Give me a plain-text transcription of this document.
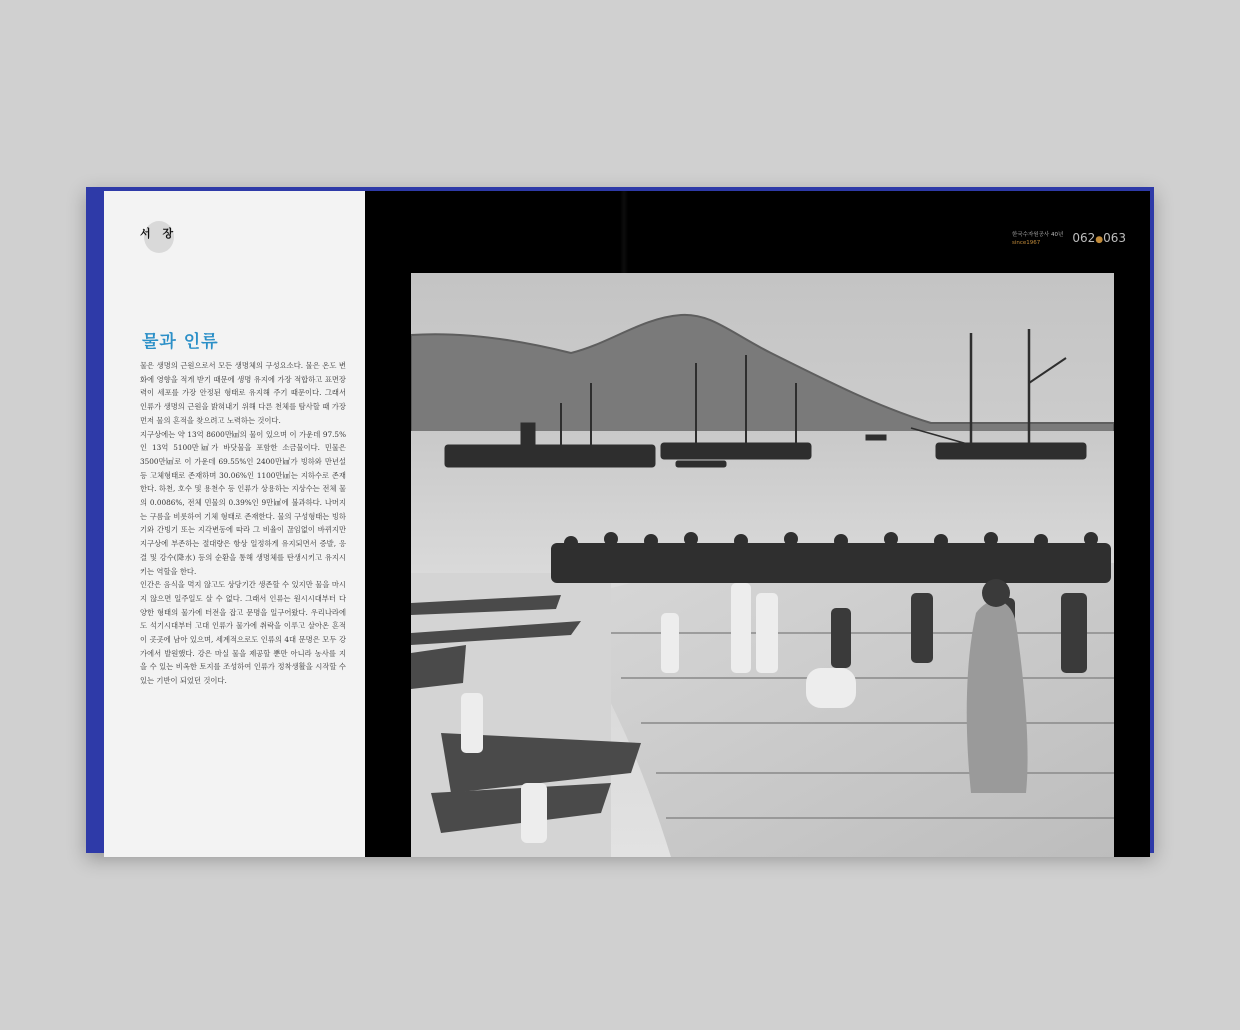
서 장
물과 인류

물은 생명의 근원으로서 모든 생명체의 구성요소다. 물은 온도 변화에 영향을 적게 받기 때문에 생명 유지에 가장 적합하고 표면장력이 세포를 가장 안정된 형태로 유지해 주기 때문이다. 그래서 인류가 생명의 근원을 밝혀내기 위해 다른 천체를 탐사할 때 가장 먼저 물의 흔적을 찾으려고 노력하는 것이다.

지구상에는 약 13억 8600만㎦의 물이 있으며 이 가운데 97.5%인 13억 5100만㎦가 바닷물을 포함한 소금물이다. 민물은 3500만㎦로 이 가운데 69.55%인 2400만㎦가 빙하와 만년설 등 고체형태로 존재하며 30.06%인 1100만㎦는 지하수로 존재한다. 하천, 호수 및 용천수 등 인류가 상용하는 지상수는 전체 물의 0.0086%, 전체 민물의 0.39%인 9만㎦에 불과하다. 나머지는 구름을 비롯하여 기체 형태로 존재한다. 물의 구성형태는 빙하기와 간빙기 또는 지각변동에 따라 그 비율이 끊임없이 바뀌지만 지구상에 부존하는 절대량은 항상 일정하게 유지되면서 증발, 응결 및 강수(降水) 등의 순환을 통해 생명체를 탄생시키고 유지시키는 역할을 한다.

인간은 음식을 먹지 않고도 상당기간 생존할 수 있지만 물을 마시지 않으면 일주일도 살 수 없다. 그래서 인류는 원시시대부터 다양한 형태의 물가에 터전을 잡고 문명을 일구어왔다. 우리나라에도 석기시대부터 고대 인류가 물가에 취락을 이루고 살아온 흔적이 곳곳에 남아 있으며, 세계적으로도 인류의 4대 문명은 모두 강가에서 발원했다. 강은 마실 물을 제공할 뿐만 아니라 농사를 지을 수 있는 비옥한 토지를 조성하여 인류가 정착생활을 시작할 수 있는 기반이 되었던 것이다.

$^{한국수자원공사 40년}$ 062●063
since1967
